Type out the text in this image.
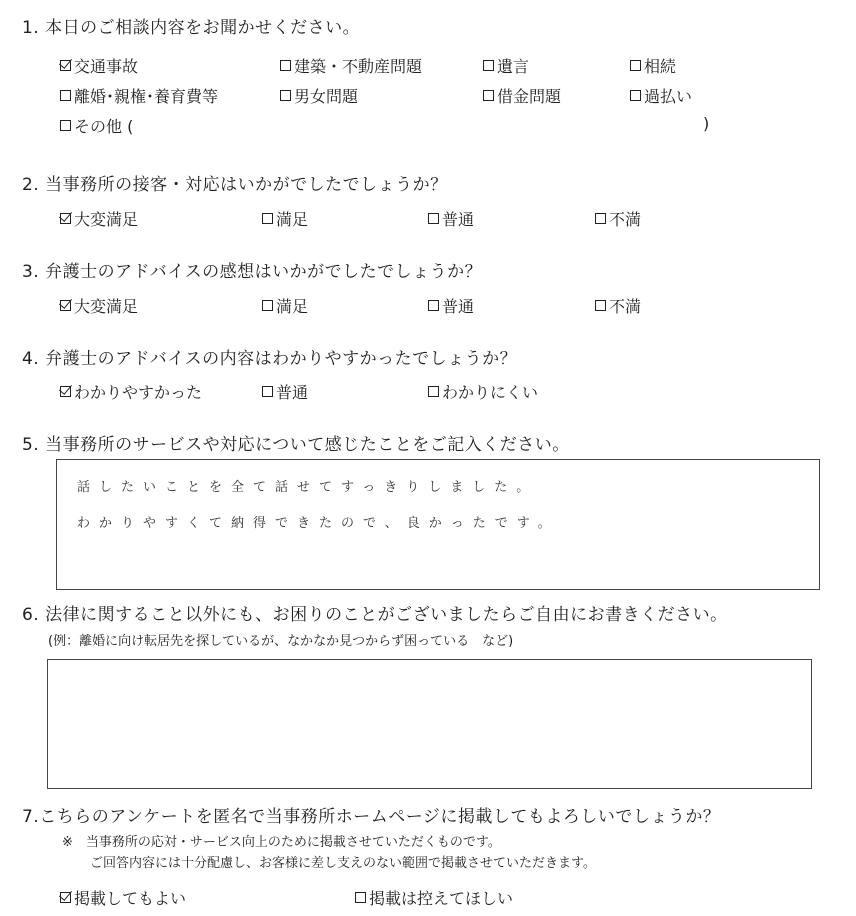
1. 本日のご相談内容をお聞かせください。
交通事故	建築・不動産問題	遺言	相続
離婚･親権･養育費等	男女問題	借金問題	過払い
その他 (	)
2. 当事務所の接客・対応はいかがでしたでしょうか？
大変満足	満足	普通	不満
3. 弁護士のアドバイスの感想はいかがでしたでしょうか？
大変満足	満足	普通	不満
4. 弁護士のアドバイスの内容はわかりやすかったでしょうか？
わかりやすかった	普通	わかりにくい
5. 当事務所のサービスや対応について感じたことをご記入ください。
話したいことを全て話せてすっきりしました。
わかりやすくて納得できたので、良かったです。
6. 法律に関すること以外にも、お困りのことがございましたらご自由にお書きください。
(例：離婚に向け転居先を探しているが、なかなか見つからず困っている　など)
7.こちらのアンケートを匿名で当事務所ホームページに掲載してもよろしいでしょうか？
※　当事務所の応対・サービス向上のために掲載させていただくものです。
ご回答内容には十分配慮し、お客様に差し支えのない範囲で掲載させていただきます。
掲載してもよい	掲載は控えてほしい
